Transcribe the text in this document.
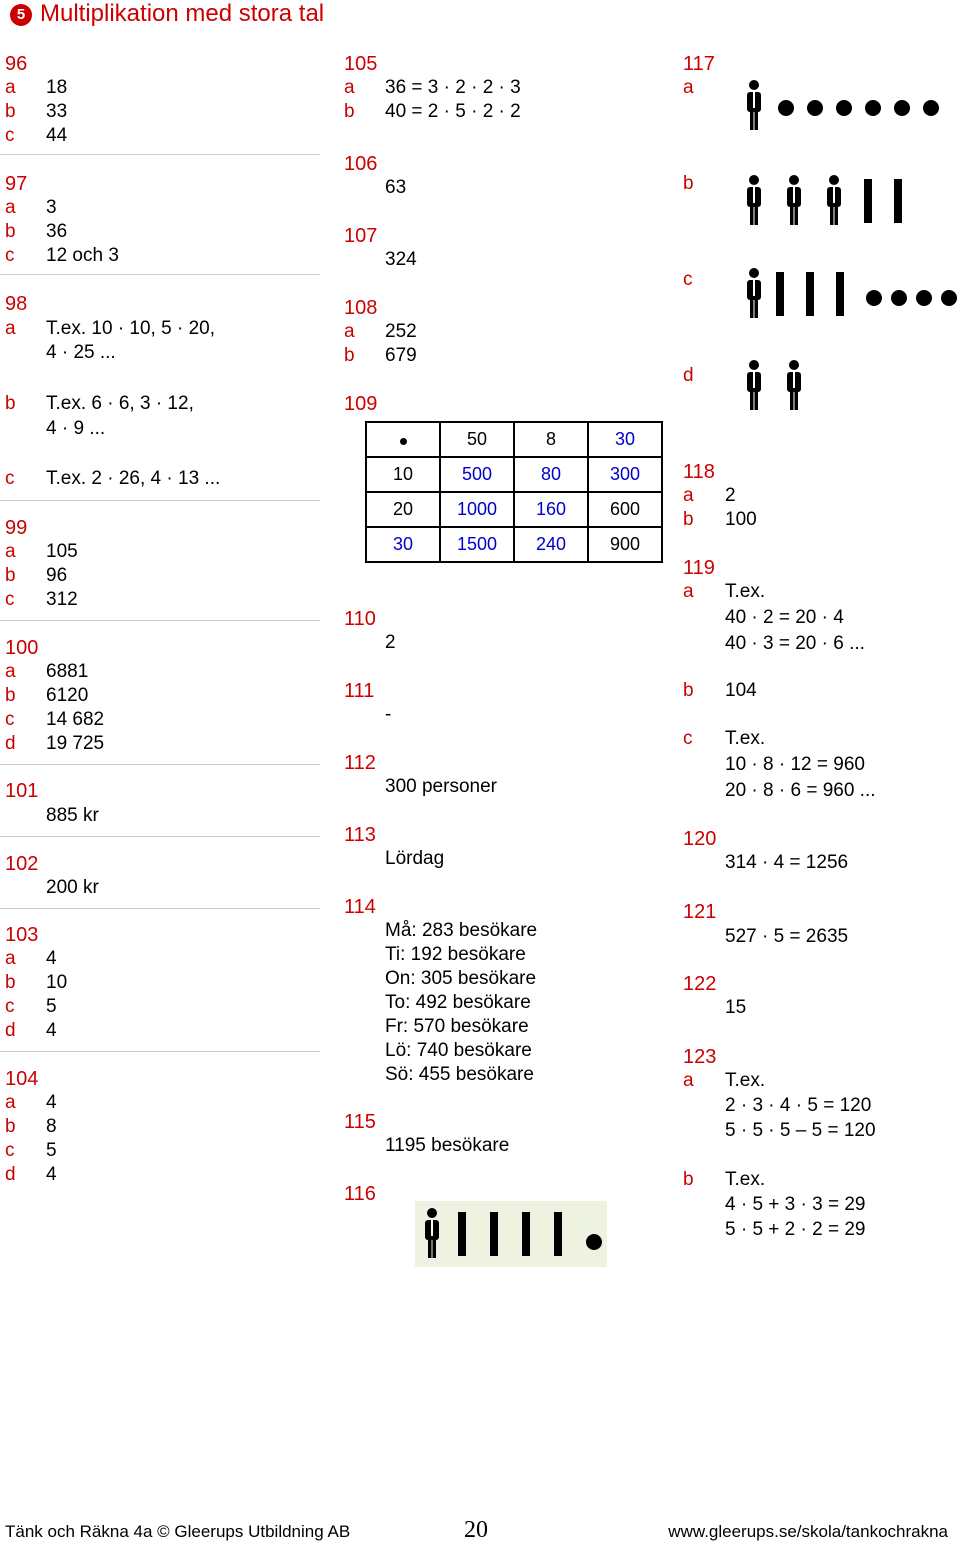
5 Multiplikation med stora tal
96
a 18
b 33
c 44
97
a 3
b 36
c 12 och 3
98
a T.ex. 10 · 10, 5 · 20,
4 · 25 ...
b T.ex. 6 · 6, 3 · 12,
4 · 9 ...
c T.ex. 2 · 26, 4 · 13 ...
99
a 105
b 96
c 312
100
a 6881
b 6120
c 14 682
d 19 725
101
885 kr
102
200 kr
103
a 4
b 10
c 5
d 4
104
a 4
b 8
c 5
d 4
105
a 36 = 3 · 2 · 2 · 3
b 40 = 2 · 5 · 2 · 2
106
63
107
324
108
a 252
b 679
109
	50	8	30
10	500	80	300
20	1000	160	600
30	1500	240	900
110
2
111
-
112
300 personer
113
Lördag
114
Må: 283 besökare
Ti: 192 besökare
On: 305 besökare
To: 492 besökare
Fr: 570 besökare
Lö: 740 besökare
Sö: 455 besökare
115
1195 besökare
116
117
a
b
c
d
118
a 2
b 100
119
a T.ex.
40 · 2 = 20 · 4
40 · 3 = 20 · 6 ...
b 104
c T.ex.
10 · 8 · 12 = 960
20 · 8 · 6 = 960 ...
120
314 · 4 = 1256
121
527 · 5 = 2635
122
15
123
a T.ex.
2 · 3 · 4 · 5 = 120
5 · 5 · 5 – 5 = 120
b T.ex.
4 · 5 + 3 · 3 = 29
5 · 5 + 2 · 2 = 29
Tänk och Räkna 4a © Gleerups Utbildning AB	20	www.gleerups.se/skola/tankochrakna
